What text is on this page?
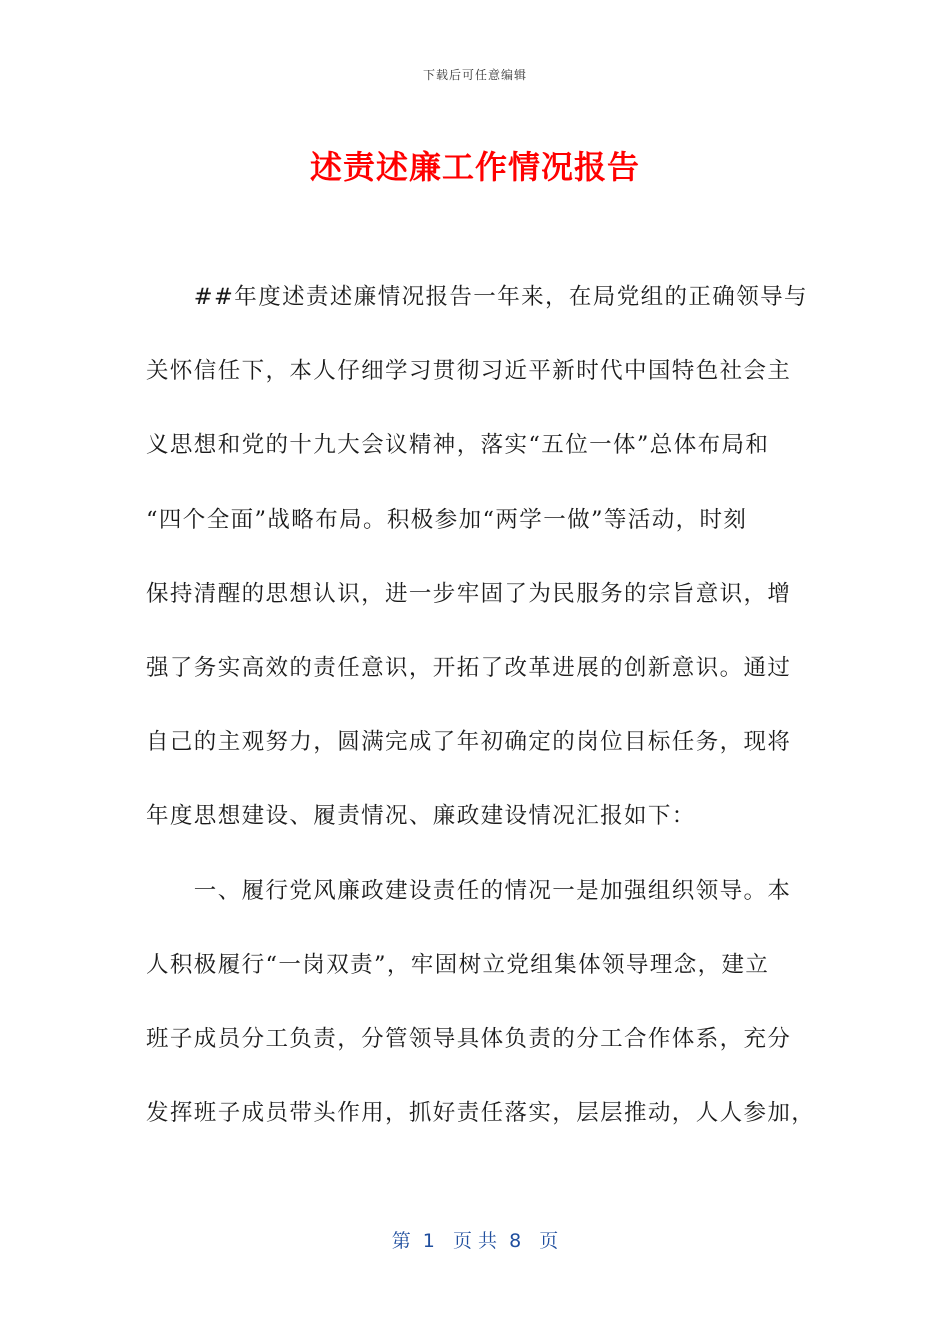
下载后可任意编辑
述责述廉工作情况报告
　　##年度述责述廉情况报告一年来，在局党组的正确领导与
关怀信任下，本人仔细学习贯彻习近平新时代中国特色社会主
义思想和党的十九大会议精神，落实“五位一体”总体布局和
“四个全面”战略布局。积极参加“两学一做”等活动，时刻
保持清醒的思想认识，进一步牢固了为民服务的宗旨意识，增
强了务实高效的责任意识，开拓了改革进展的创新意识。通过
自己的主观努力，圆满完成了年初确定的岗位目标任务，现将
年度思想建设、履责情况、廉政建设情况汇报如下：
　　一、履行党风廉政建设责任的情况一是加强组织领导。本
人积极履行“一岗双责”，牢固树立党组集体领导理念，建立
班子成员分工负责，分管领导具体负责的分工合作体系，充分
发挥班子成员带头作用，抓好责任落实，层层推动，人人参加，
第  1   页 共  8   页
